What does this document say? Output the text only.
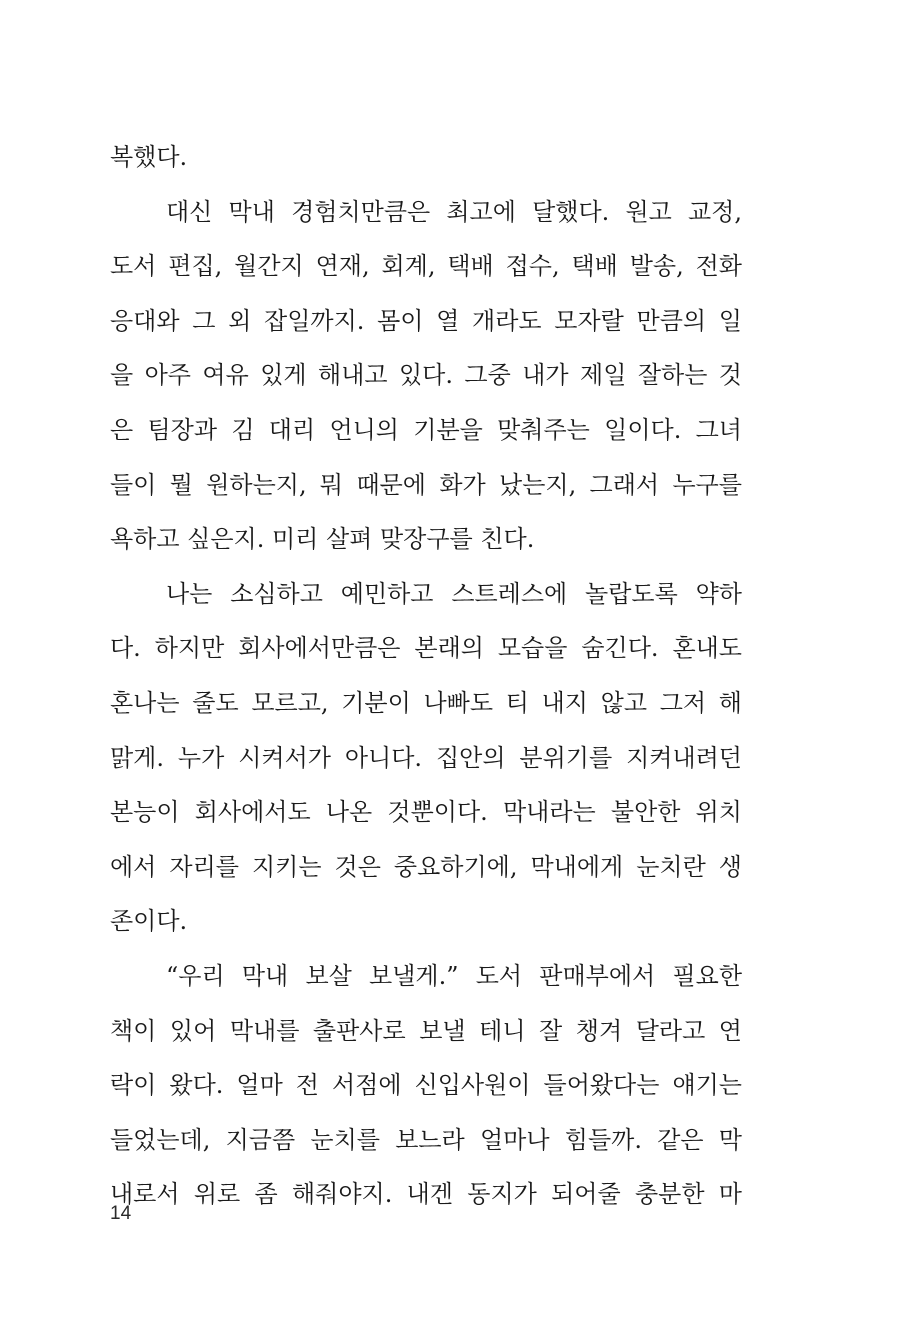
복했다.
대신 막내 경험치만큼은 최고에 달했다. 원고 교정,
도서 편집, 월간지 연재, 회계, 택배 접수, 택배 발송, 전화
응대와 그 외 잡일까지. 몸이 열 개라도 모자랄 만큼의 일
을 아주 여유 있게 해내고 있다. 그중 내가 제일 잘하는 것
은 팀장과 김 대리 언니의 기분을 맞춰주는 일이다. 그녀
들이 뭘 원하는지, 뭐 때문에 화가 났는지, 그래서 누구를
욕하고 싶은지. 미리 살펴 맞장구를 친다.
나는 소심하고 예민하고 스트레스에 놀랍도록 약하
다. 하지만 회사에서만큼은 본래의 모습을 숨긴다. 혼내도
혼나는 줄도 모르고, 기분이 나빠도 티 내지 않고 그저 해
맑게. 누가 시켜서가 아니다. 집안의 분위기를 지켜내려던
본능이 회사에서도 나온 것뿐이다. 막내라는 불안한 위치
에서 자리를 지키는 것은 중요하기에, 막내에게 눈치란 생
존이다.
“우리 막내 보살 보낼게.” 도서 판매부에서 필요한
책이 있어 막내를 출판사로 보낼 테니 잘 챙겨 달라고 연
락이 왔다. 얼마 전 서점에 신입사원이 들어왔다는 얘기는
들었는데, 지금쯤 눈치를 보느라 얼마나 힘들까. 같은 막
내로서 위로 좀 해줘야지. 내겐 동지가 되어줄 충분한 마
14
